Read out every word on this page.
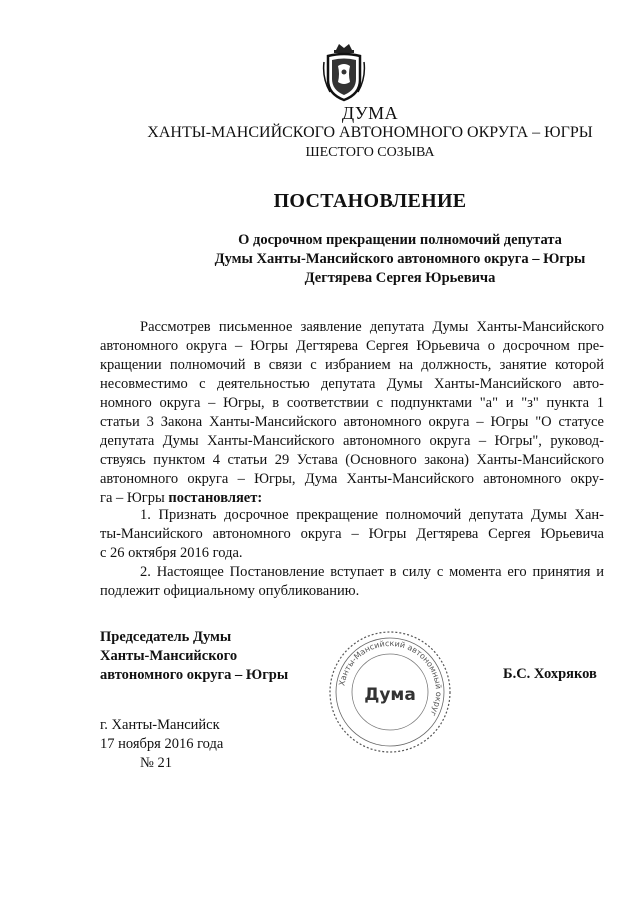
ДУМА
ХАНТЫ-МАНСИЙСКОГО АВТОНОМНОГО ОКРУГА – ЮГРЫ
ШЕСТОГО СОЗЫВА
ПОСТАНОВЛЕНИЕ
О досрочном прекращении полномочий депутата
Думы Ханты-Мансийского автономного округа – Югры
Дегтярева Сергея Юрьевича
Рассмотрев письменное заявление депутата Думы Ханты-Мансийского
автономного округа – Югры Дегтярева Сергея Юрьевича о досрочном пре-
кращении полномочий в связи с избранием на должность, занятие которой
несовместимо с деятельностью депутата Думы Ханты-Мансийского авто-
номного округа – Югры, в соответствии с подпунктами "а" и "з" пункта 1
статьи 3 Закона Ханты-Мансийского автономного округа – Югры "О статусе
депутата Думы Ханты-Мансийского автономного округа – Югры", руковод-
ствуясь пунктом 4 статьи 29 Устава (Основного закона) Ханты-Мансийского
автономного округа – Югры, Дума Ханты-Мансийского автономного окру-
га – Югры постановляет:
1. Признать досрочное прекращение полномочий депутата Думы Хан-
ты-Мансийского автономного округа – Югры Дегтярева Сергея Юрьевича
с 26 октября 2016 года.
2. Настоящее Постановление вступает в силу с момента его принятия и
подлежит официальному опубликованию.
Председатель Думы
Ханты-Мансийского
автономного округа – Югры
Ханты-Мансийский автономный округ
Дума
Б.С. Хохряков
г. Ханты-Мансийск
17 ноября 2016 года
№ 21
